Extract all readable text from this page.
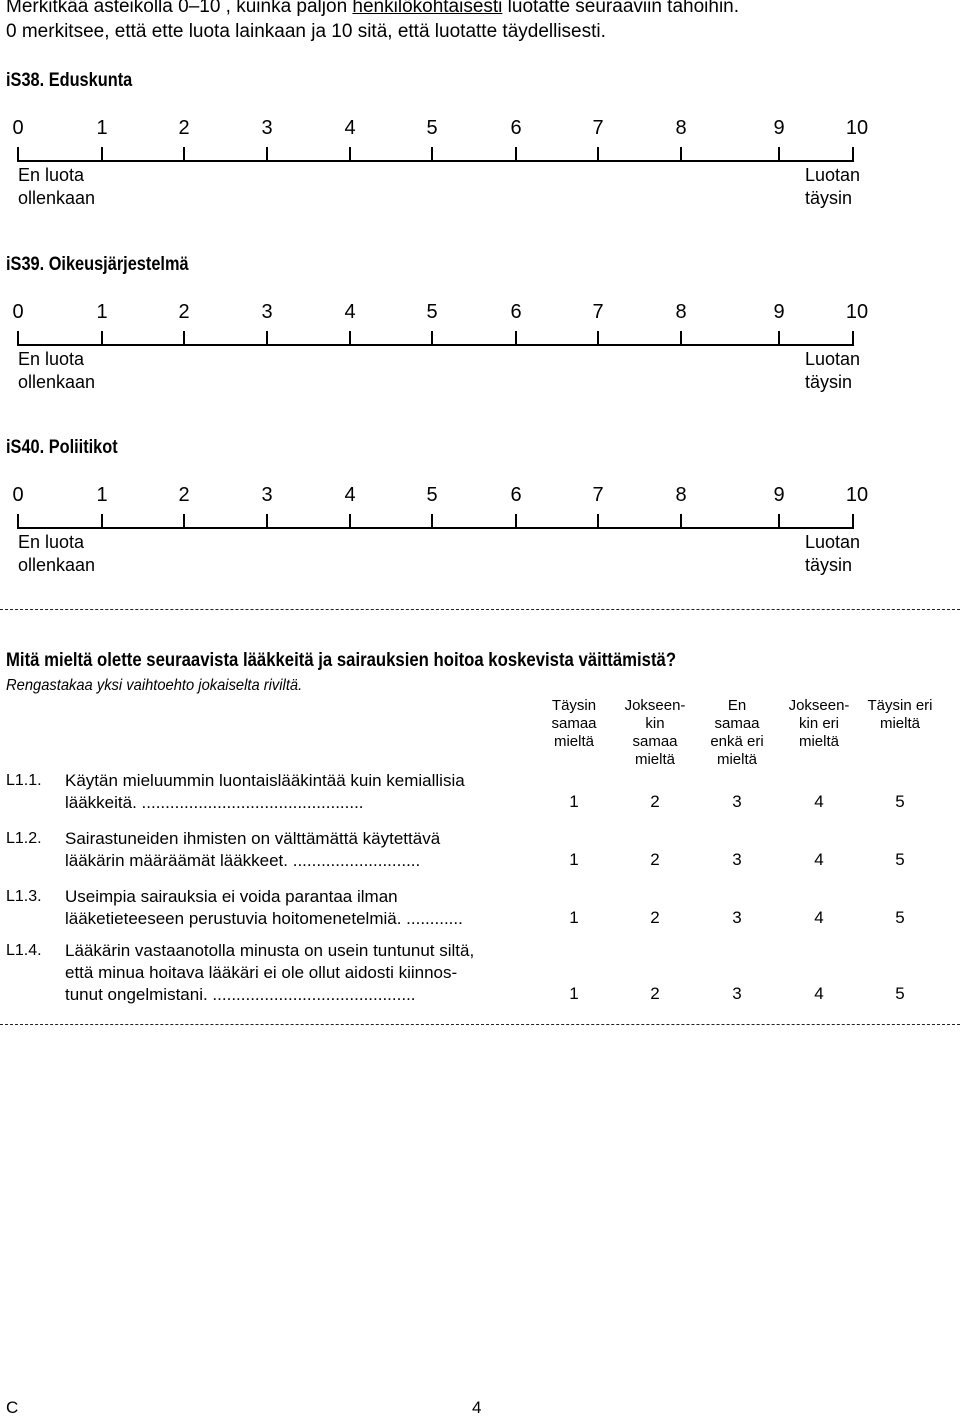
Merkitkää asteikolla 0–10 , kuinka paljon henkilökohtaisesti luotatte seuraaviin tahoihin.
0 merkitsee, että ette luota lainkaan ja 10 sitä, että luotatte täydellisesti.
iS38. Eduskunta
0	1	2	3	4	5	6	7	8	9	10
En luota
ollenkaan
Luotan
täysin
iS39. Oikeusjärjestelmä
0	1	2	3	4	5	6	7	8	9	10
En luota
ollenkaan
Luotan
täysin
iS40. Poliitikot
0	1	2	3	4	5	6	7	8	9	10
En luota
ollenkaan
Luotan
täysin
Mitä mieltä olette seuraavista lääkkeitä ja sairauksien hoitoa koskevista väittämistä?
Rengastakaa yksi vaihtoehto jokaiselta riviltä.
Täysin
samaa
mieltä
Jokseen-
kin
samaa
mieltä
En
samaa
enkä eri
mieltä
Jokseen-
kin eri
mieltä
Täysin eri
mieltä
L1.1. Käytän mieluummin luontaislääkintää kuin kemiallisia
lääkkeitä. ...............................................	1	2	3	4	5
L1.2. Sairastuneiden ihmisten on välttämättä käytettävä
lääkärin määräämät lääkkeet. ...........................	1	2	3	4	5
L1.3. Useimpia sairauksia ei voida parantaa ilman
lääketieteeseen perustuvia hoitomenetelmiä. ............	1	2	3	4	5
L1.4. Lääkärin vastaanotolla minusta on usein tuntunut siltä,
että minua hoitava lääkäri ei ole ollut aidosti kiinnos-
tunut ongelmistani. ...........................................	1	2	3	4	5
C	4
